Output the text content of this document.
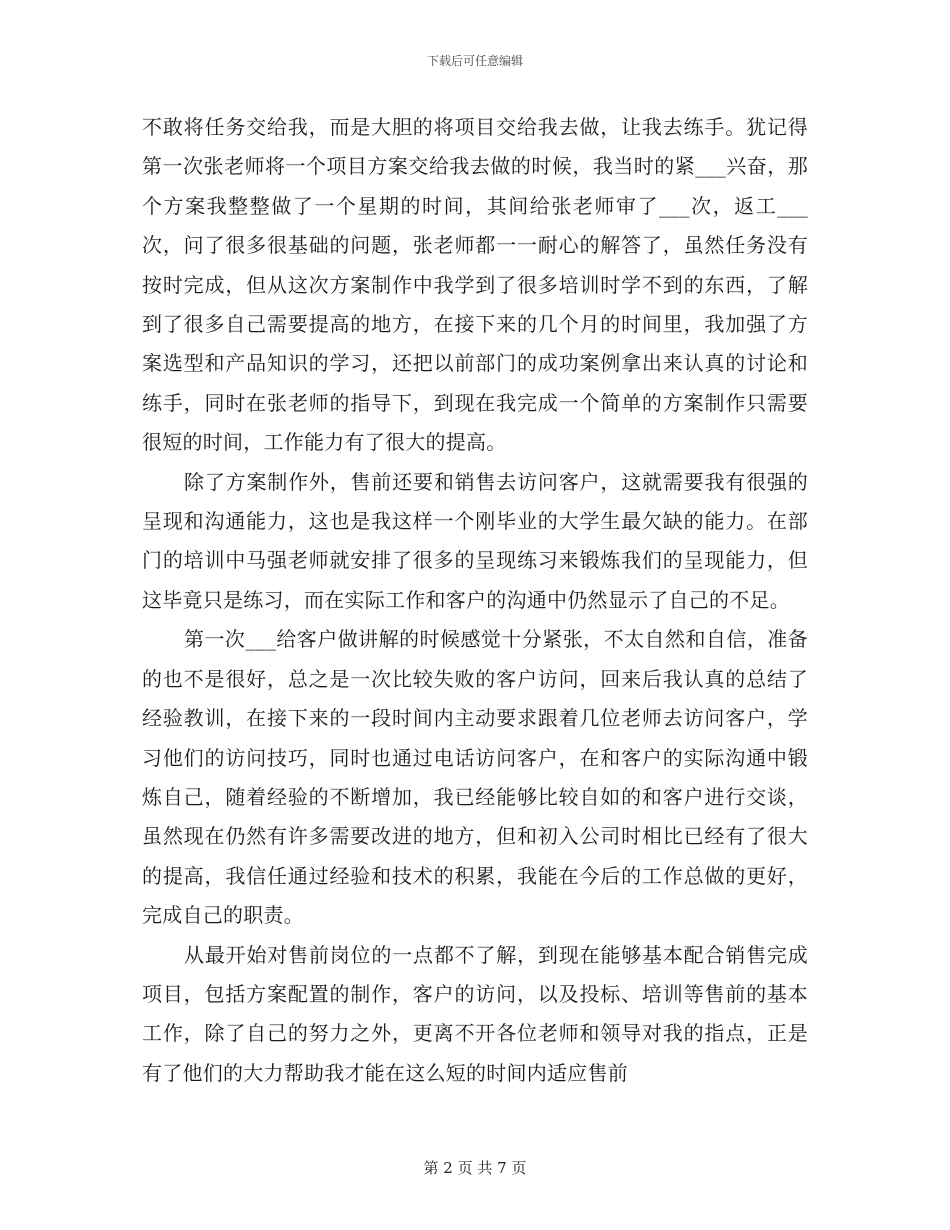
下载后可任意编辑

不敢将任务交给我，而是大胆的将项目交给我去做，让我去练手。犹记得第一次张老师将一个项目方案交给我去做的时候，我当时的紧___兴奋，那个方案我整整做了一个星期的时间，其间给张老师审了___次，返工___次，问了很多很基础的问题，张老师都一一耐心的解答了，虽然任务没有按时完成，但从这次方案制作中我学到了很多培训时学不到的东西，了解到了很多自己需要提高的地方，在接下来的几个月的时间里，我加强了方案选型和产品知识的学习，还把以前部门的成功案例拿出来认真的讨论和练手，同时在张老师的指导下，到现在我完成一个简单的方案制作只需要很短的时间，工作能力有了很大的提高。

除了方案制作外，售前还要和销售去访问客户，这就需要我有很强的呈现和沟通能力，这也是我这样一个刚毕业的大学生最欠缺的能力。在部门的培训中马强老师就安排了很多的呈现练习来锻炼我们的呈现能力，但这毕竟只是练习，而在实际工作和客户的沟通中仍然显示了自己的不足。

第一次___给客户做讲解的时候感觉十分紧张，不太自然和自信，准备的也不是很好，总之是一次比较失败的客户访问，回来后我认真的总结了经验教训，在接下来的一段时间内主动要求跟着几位老师去访问客户，学习他们的访问技巧，同时也通过电话访问客户，在和客户的实际沟通中锻炼自己，随着经验的不断增加，我已经能够比较自如的和客户进行交谈，虽然现在仍然有许多需要改进的地方，但和初入公司时相比已经有了很大的提高，我信任通过经验和技术的积累，我能在今后的工作总做的更好，完成自己的职责。

从最开始对售前岗位的一点都不了解，到现在能够基本配合销售完成项目，包括方案配置的制作，客户的访问，以及投标、培训等售前的基本工作，除了自己的努力之外，更离不开各位老师和领导对我的指点，正是有了他们的大力帮助我才能在这么短的时间内适应售前

第 2 页 共 7 页
